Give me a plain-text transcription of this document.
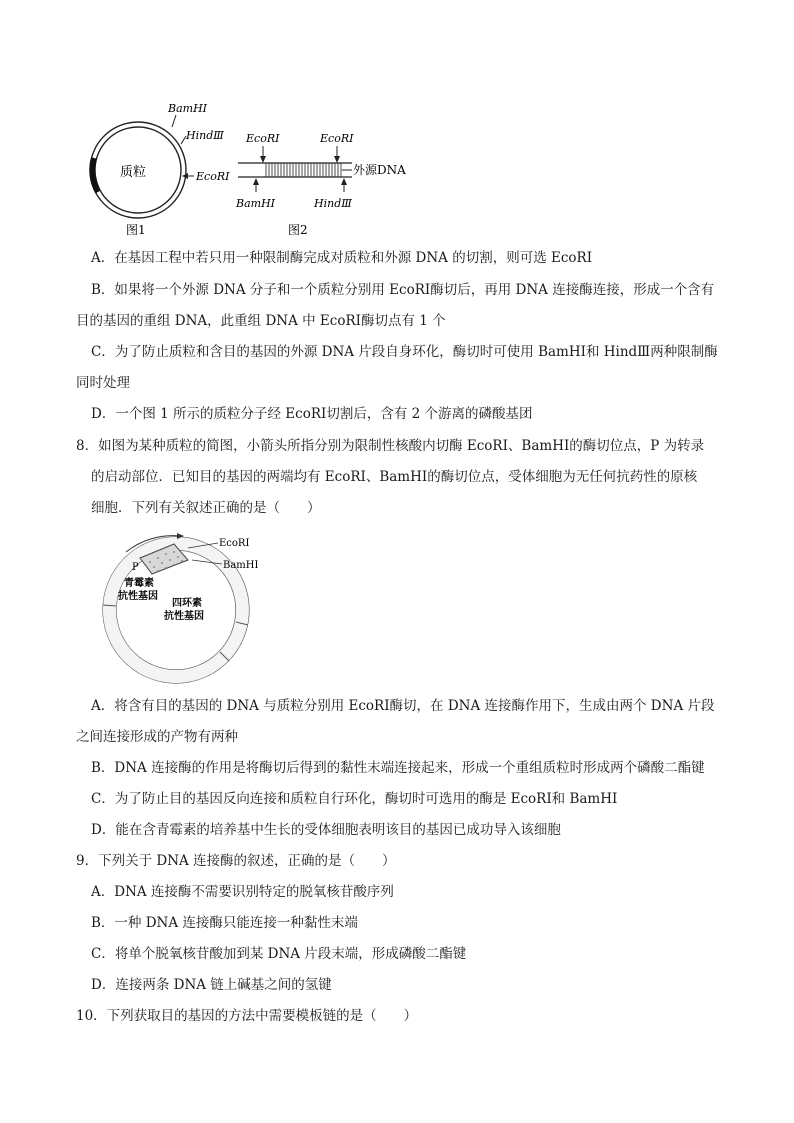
质粒
BamHⅠ
HindⅢ
EcoRⅠ
图1
EcoRⅠ	EcoRⅠ
BamHⅠ	HindⅢ
外源DNA
图2
A．在基因工程中若只用一种限制酶完成对质粒和外源 DNA 的切割，则可选 EcoRⅠ
B．如果将一个外源 DNA 分子和一个质粒分别用 EcoRⅠ酶切后，再用 DNA 连接酶连接，形成一个含有
目的基因的重组 DNA，此重组 DNA 中 EcoRⅠ酶切点有 1 个
C．为了防止质粒和含目的基因的外源 DNA 片段自身环化，酶切时可使用 BamHⅠ和 HindⅢ两种限制酶
同时处理
D．一个图 1 所示的质粒分子经 EcoRⅠ切割后，含有 2 个游离的磷酸基团
8．如图为某种质粒的简图，小箭头所指分别为限制性核酸内切酶 EcoRⅠ、BamHⅠ的酶切位点，P 为转录
的启动部位．已知目的基因的两端均有 EcoRⅠ、BamHⅠ的酶切位点，受体细胞为无任何抗药性的原核
细胞．下列有关叙述正确的是（　　）
P
EcoRⅠ
BamHⅠ
青霉素
抗性基因
四环素
抗性基因
A．将含有目的基因的 DNA 与质粒分别用 EcoRⅠ酶切，在 DNA 连接酶作用下，生成由两个 DNA 片段
之间连接形成的产物有两种
B．DNA 连接酶的作用是将酶切后得到的黏性末端连接起来，形成一个重组质粒时形成两个磷酸二酯键
C．为了防止目的基因反向连接和质粒自行环化，酶切时可选用的酶是 EcoRⅠ和 BamHⅠ
D．能在含青霉素的培养基中生长的受体细胞表明该目的基因已成功导入该细胞
9．下列关于 DNA 连接酶的叙述，正确的是（　　）
A．DNA 连接酶不需要识别特定的脱氧核苷酸序列
B．一种 DNA 连接酶只能连接一种黏性末端
C．将单个脱氧核苷酸加到某 DNA 片段末端，形成磷酸二酯键
D．连接两条 DNA 链上碱基之间的氢键
10．下列获取目的基因的方法中需要模板链的是（　　）
